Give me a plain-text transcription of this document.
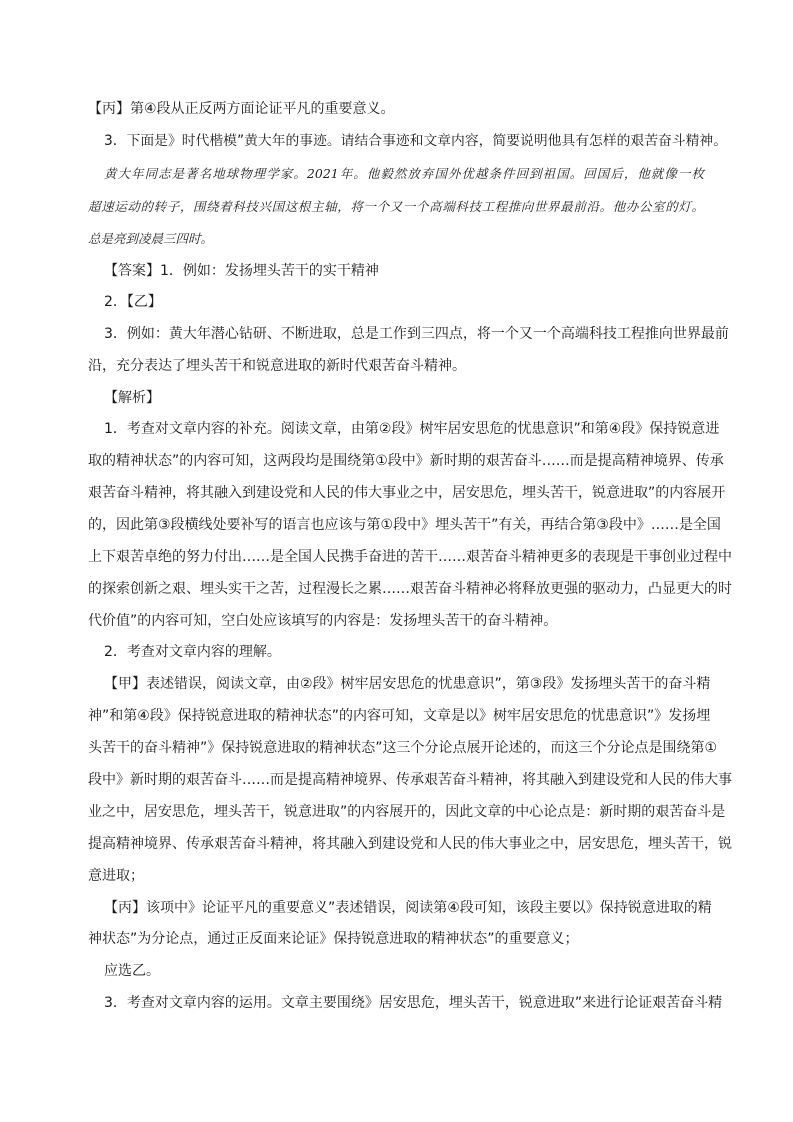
【丙】第④段从正反两方面论证平凡的重要意义。
3．下面是》时代楷模”黄大年的事迹。请结合事迹和文章内容，简要说明他具有怎样的艰苦奋斗精神。
黄大年同志是著名地球物理学家。2021年。他毅然放弃国外优越条件回到祖国。回国后，他就像一枚
超速运动的转子，围绕着科技兴国这根主轴，将一个又一个高端科技工程推向世界最前沿。他办公室的灯。
总是亮到凌晨三四时。
【答案】1．例如：发扬埋头苦干的实干精神
2．【乙】
3．例如：黄大年潜心钻研、不断进取，总是工作到三四点，将一个又一个高端科技工程推向世界最前
沿，充分表达了埋头苦干和锐意进取的新时代艰苦奋斗精神。
【解析】
1．考查对文章内容的补充。阅读文章，由第②段》树牢居安思危的忧患意识”和第④段》保持锐意进
取的精神状态”的内容可知，这两段均是围绕第①段中》新时期的艰苦奋斗……而是提高精神境界、传承
艰苦奋斗精神，将其融入到建设党和人民的伟大事业之中，居安思危，埋头苦干，锐意进取”的内容展开
的，因此第③段横线处要补写的语言也应该与第①段中》埋头苦干”有关，再结合第③段中》……是全国
上下艰苦卓绝的努力付出……是全国人民携手奋进的苦干……艰苦奋斗精神更多的表现是干事创业过程中
的探索创新之艰、埋头实干之苦，过程漫长之累……艰苦奋斗精神必将释放更强的驱动力，凸显更大的时
代价值”的内容可知，空白处应该填写的内容是：发扬埋头苦干的奋斗精神。
2．考查对文章内容的理解。
【甲】表述错误，阅读文章，由②段》树牢居安思危的忧患意识”，第③段》发扬埋头苦干的奋斗精
神”和第④段》保持锐意进取的精神状态”的内容可知，文章是以》树牢居安思危的忧患意识”》发扬埋
头苦干的奋斗精神”》保持锐意进取的精神状态”这三个分论点展开论述的，而这三个分论点是围绕第①
段中》新时期的艰苦奋斗……而是提高精神境界、传承艰苦奋斗精神，将其融入到建设党和人民的伟大事
业之中，居安思危，埋头苦干，锐意进取”的内容展开的，因此文章的中心论点是：新时期的艰苦奋斗是
提高精神境界、传承艰苦奋斗精神，将其融入到建设党和人民的伟大事业之中，居安思危，埋头苦干，锐
意进取；
【丙】该项中》论证平凡的重要意义”表述错误，阅读第④段可知，该段主要以》保持锐意进取的精
神状态”为分论点，通过正反面来论证》保持锐意进取的精神状态”的重要意义；
应选乙。
3．考查对文章内容的运用。文章主要围绕》居安思危，埋头苦干，锐意进取”来进行论证艰苦奋斗精
